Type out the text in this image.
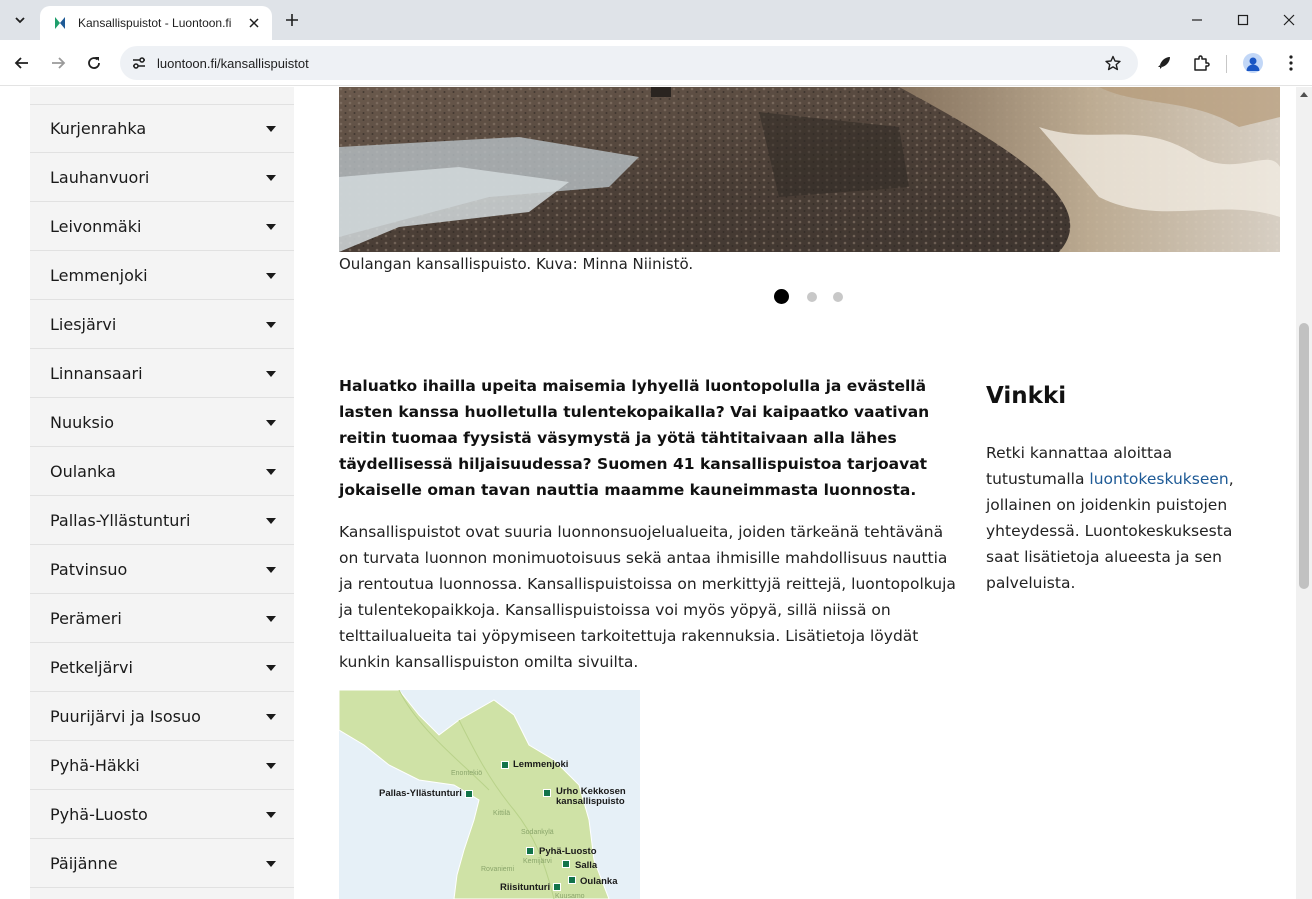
Kansallispuistot - Luontoon.fi
luontoon.fi/kansallispuistot
Kurjenrahka
Lauhanvuori
Leivonmäki
Lemmenjoki
Liesjärvi
Linnansaari
Nuuksio
Oulanka
Pallas-Yllästunturi
Patvinsuo
Perämeri
Petkeljärvi
Puurijärvi ja Isosuo
Pyhä-Häkki
Pyhä-Luosto
Päijänne
Oulangan kansallispuisto. Kuva: Minna Niinistö.

Haluatko ihailla upeita maisemia lyhyellä luontopolulla ja evästellä lasten kanssa huolletulla tulentekopaikalla? Vai kaipaatko vaativan reitin tuomaa fyysistä väsymystä ja yötä tähtitaivaan alla lähes täydellisessä hiljaisuudessa? Suomen 41 kansallispuistoa tarjoavat jokaiselle oman tavan nauttia maamme kauneimmasta luonnosta.

Kansallispuistot ovat suuria luonnonsuojelualueita, joiden tärkeänä tehtävänä on turvata luonnon monimuotoisuus sekä antaa ihmisille mahdollisuus nauttia ja rentoutua luonnossa. Kansallispuistoissa on merkittyjä reittejä, luontopolkuja ja tulentekopaikkoja. Kansallispuistoissa voi myös yöpyä, sillä niissä on telttailualueita tai yöpymiseen tarkoitettuja rakennuksia. Lisätietoja löydät kunkin kansallispuiston omilta sivuilta.

Vinkki

Retki kannattaa aloittaa tutustumalla luontokeskukseen, jollainen on joidenkin puistojen yhteydessä. Luontokeskuksesta saat lisätietoja alueesta ja sen palveluista.

Enontekiö
Kittilä
Sodankylä
Kemijärvi
Rovaniemi
Kuusamo
Lemmenjoki
Pallas-Yllästunturi	Urho Kekkosen kansallispuisto
Pyhä-Luosto
Salla
Oulanka
Riisitunturi
